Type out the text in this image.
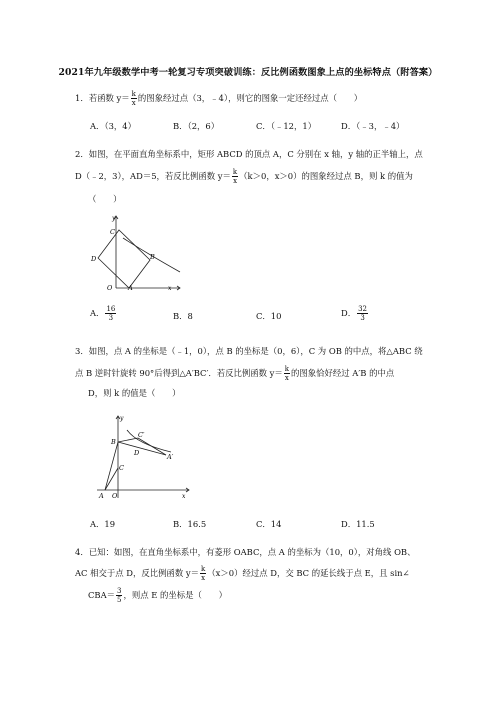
2021年九年级数学中考一轮复习专项突破训练：反比例函数图象上点的坐标特点（附答案）
1．若函数 $y= \frac{k}{x}$ 的图象经过点（3，﹣4），则它的图象一定还经过点（　　）
A．（3，4）	B．（2，6）	C．（﹣12，1）	D．（﹣3，﹣4）
2．如图，在平面直角坐标系中，矩形 ABCD 的顶点 A，C 分别在 x 轴，y 轴的正半轴上，点
D（﹣2，3），AD＝5，若反比例函数 $y= \frac{k}{x} (k>0$，x＞0）的图象经过点 B，则 k 的值为
（　　）
y
C
D	B
O A	x
A． $\frac{16}{3}$	B．8	C．10	D． $\frac{32}{3}$
3．如图，点 A 的坐标是（﹣1，0），点 B 的坐标是（0，6），C 为 OB 的中点，将△ABC 绕
点 B 逆时针旋转 90°后得到△A′BC′．若反比例函数 $y= \frac{k}{x}$ 的图象恰好经过 A′B 的中点
D，则 k 的值是（　　）
y
B
C′
D	A′
C
A O	x
A．19	B．16.5	C．14	D．11.5
4．已知：如图，在直角坐标系中，有菱形 OABC，点 A 的坐标为（10，0），对角线 OB、
AC 相交于点 D，反比例函数 $y= \frac{k}{x} (x>0)$经过点 D，交 BC 的延长线于点 E，且 sin∠
$CBA= \frac{3}{5}$ ，则点 E 的坐标是（　　）
